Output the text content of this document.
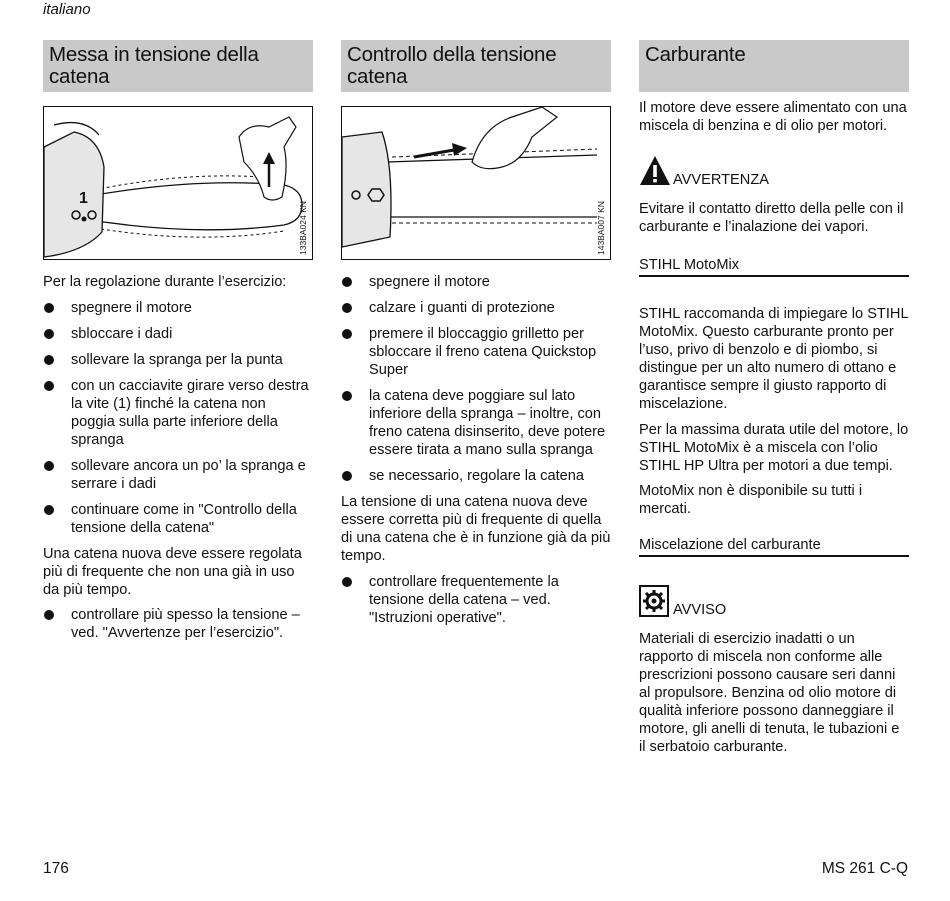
italiano
Messa in tensione della catena
1
133BA024 KN

Per la regolazione durante l’esercizio:

spegnere il motore
sbloccare i dadi
sollevare la spranga per la punta
con un cacciavite girare verso destra la vite (1) finché la catena non poggia sulla parte inferiore della spranga
sollevare ancora un po’ la spranga e serrare i dadi
continuare come in "Controllo della tensione della catena"

Una catena nuova deve essere regolata più di frequente che non una già in uso da più tempo.

controllare più spesso la tensione – ved. "Avvertenze per l’esercizio".
Controllo della tensione catena
143BA007 KN
spegnere il motore
calzare i guanti di protezione
premere il bloccaggio grilletto per sbloccare il freno catena Quickstop Super
la catena deve poggiare sul lato inferiore della spranga – inoltre, con freno catena disinserito, deve potere essere tirata a mano sulla spranga
se necessario, regolare la catena

La tensione di una catena nuova deve essere corretta più di frequente di quella di una catena che è in funzione già da più tempo.

controllare frequentemente la tensione della catena – ved. "Istruzioni operative".
Carburante

Il motore deve essere alimentato con una miscela di benzina e di olio per motori.

AVVERTENZA

Evitare il contatto diretto della pelle con il carburante e l’inalazione dei vapori.

STIHL MotoMix

STIHL raccomanda di impiegare lo STIHL MotoMix. Questo carburante pronto per l’uso, privo di benzolo e di piombo, si distingue per un alto numero di ottano e garantisce sempre il giusto rapporto di miscelazione.

Per la massima durata utile del motore, lo STIHL MotoMix è a miscela con l’olio STIHL HP Ultra per motori a due tempi.

MotoMix non è disponibile su tutti i mercati.

Miscelazione del carburante
AVVISO

Materiali di esercizio inadatti o un rapporto di miscela non conforme alle prescrizioni possono causare seri danni al propulsore. Benzina od olio motore di qualità inferiore possono danneggiare il motore, gli anelli di tenuta, le tubazioni e il serbatoio carburante.

176	MS 261 C-Q
